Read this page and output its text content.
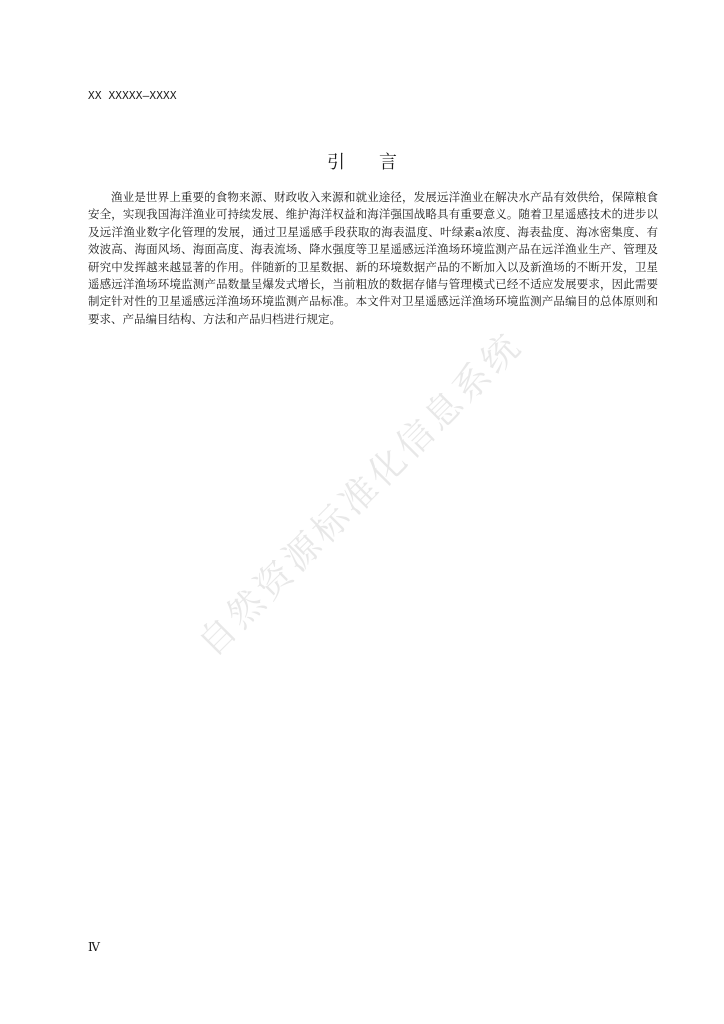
XX XXXXX—XXXX
引 言

渔业是世界上重要的食物来源、财政收入来源和就业途径，发展远洋渔业在解决水产品有效供给，保障粮食安全，实现我国海洋渔业可持续发展、维护海洋权益和海洋强国战略具有重要意义。随着卫星遥感技术的进步以及远洋渔业数字化管理的发展，通过卫星遥感手段获取的海表温度、叶绿素a浓度、海表盐度、海冰密集度、有效波高、海面风场、海面高度、海表流场、降水强度等卫星遥感远洋渔场环境监测产品在远洋渔业生产、管理及研究中发挥越来越显著的作用。伴随新的卫星数据、新的环境数据产品的不断加入以及新渔场的不断开发，卫星遥感远洋渔场环境监测产品数量呈爆发式增长，当前粗放的数据存储与管理模式已经不适应发展要求，因此需要制定针对性的卫星遥感远洋渔场环境监测产品标准。本文件对卫星遥感远洋渔场环境监测产品编目的总体原则和要求、产品编目结构、方法和产品归档进行规定。

自然资源标准化信息系统
Ⅳ
